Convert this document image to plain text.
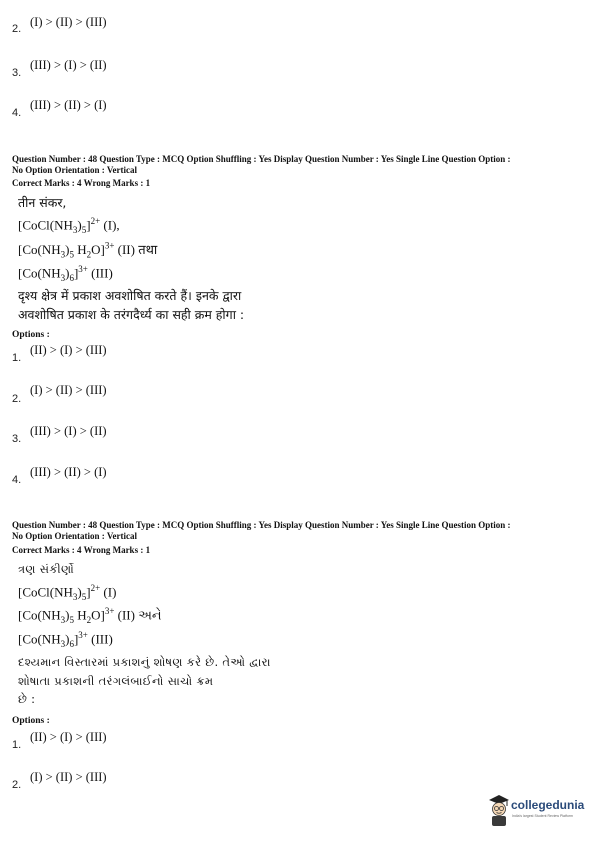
2. (I) > (II) > (III)
3.
(III) > (I) > (II)
4.
(III) > (II) > (I)
Question Number : 48 Question Type : MCQ Option Shuffling : Yes Display Question Number : Yes Single Line Question Option :
No Option Orientation : Vertical
Correct Marks : 4 Wrong Marks : 1
तीन संकर,
$[CoCl(NH_3)_5]^{2+}$ (I),
[$Co(NH_3)_5$ $H_2O]^{3+}$ (II) तथा
$[Co(NH_3)_6]^{3+}$ (III)
दृश्य क्षेत्र में प्रकाश अवशोषित करते हैं। इनके द्वारा
अवशोषित प्रकाश के तरंगदैर्ध्य का सही क्रम होगा :
Options :
1.
(II) > (I) > (III)
2.
(I) > (II) > (III)
3.
(III) > (I) > (II)
4.
(III) > (II) > (I)
Question Number : 48 Question Type : MCQ Option Shuffling : Yes Display Question Number : Yes Single Line Question Option :
No Option Orientation : Vertical
Correct Marks : 4 Wrong Marks : 1
ત્રણ સંકીર્ણો
$[CoCl(NH_3)_5]^{2+}$ (I)
[$Co(NH_3)_5$ $H_2O]^{3+}$ (II) અને
$[Co(NH_3)_6]^{3+}$ (III)
દશ્યમાન વિસ્તારમાં પ્રકાશનું શોષણ કરે છે. તેઓ દ્વારા
શોષાતા પ્રકાશની તરંગલંબાઈનો સાચો ક્રમ
છે :
Options :
1.
(II) > (I) > (III)
2.
(I) > (II) > (III)
collegedunia
India's largest Student Review Platform
